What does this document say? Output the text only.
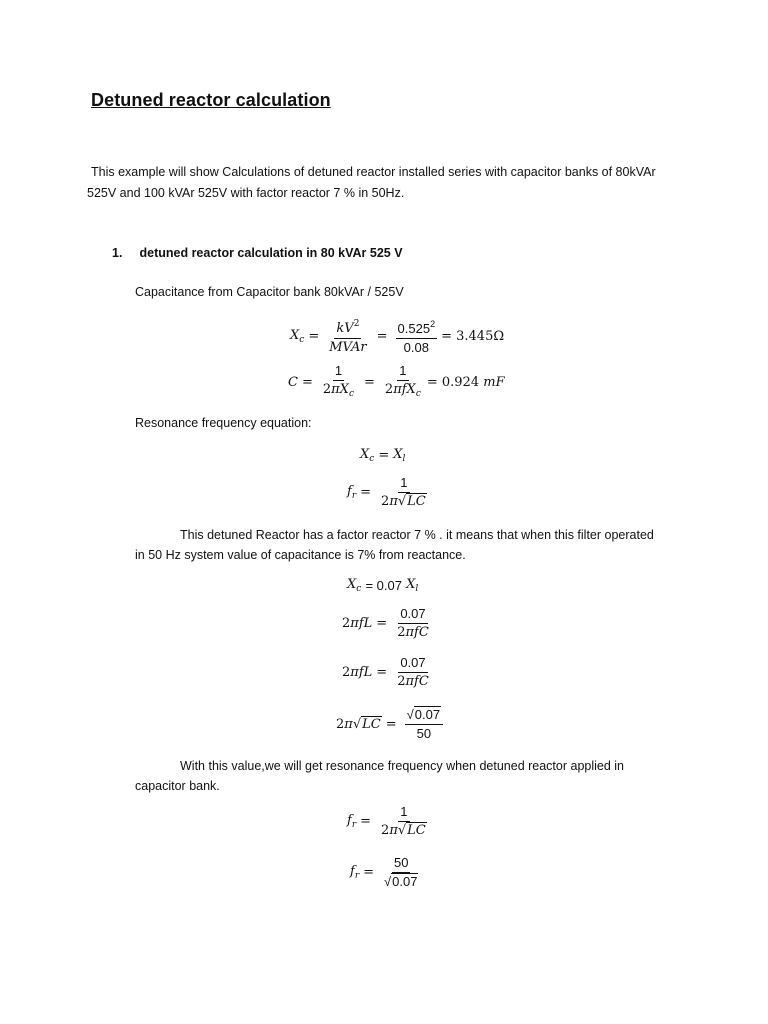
Detuned reactor calculation
This example will show Calculations of detuned reactor installed series with capacitor banks of 80kVAr
525V and 100 kVAr 525V with factor reactor 7 % in 50Hz.
1. detuned reactor calculation in 80 kVAr 525 V
Capacitance from Capacitor bank 80kVAr / 525V
$X_c = \frac{kV^2}{\text{MVAr}} = \frac{0.525^2}{0.08} = 3.445\Omega$
$C = \frac{1}{2\pi X_c} = \frac{1}{2\pi fX_c} = 0.924$
mF
Resonance frequency equation:
$X_c = X_l$
$f_r = \frac{1}{2\pi√LC}$
This detuned Reactor has a factor reactor 7 % . it means that when this filter operated
in 50 Hz system value of capacitance is 7% from reactance.
$X_c$
= 0.07
$X_l$
$2\pi fL = \frac{0.07}{\text{2πfC}}$
$2\pi fL = \frac{0.07}{\text{2πfC}}$
$2\pi√LC = \frac{√0.07}{50}$
With this value,we will get resonance frequency when detuned reactor applied in
capacitor bank.
$f_r = \frac{1}{2\pi√LC}$
$f_r = \frac{50}{√0.07}$
